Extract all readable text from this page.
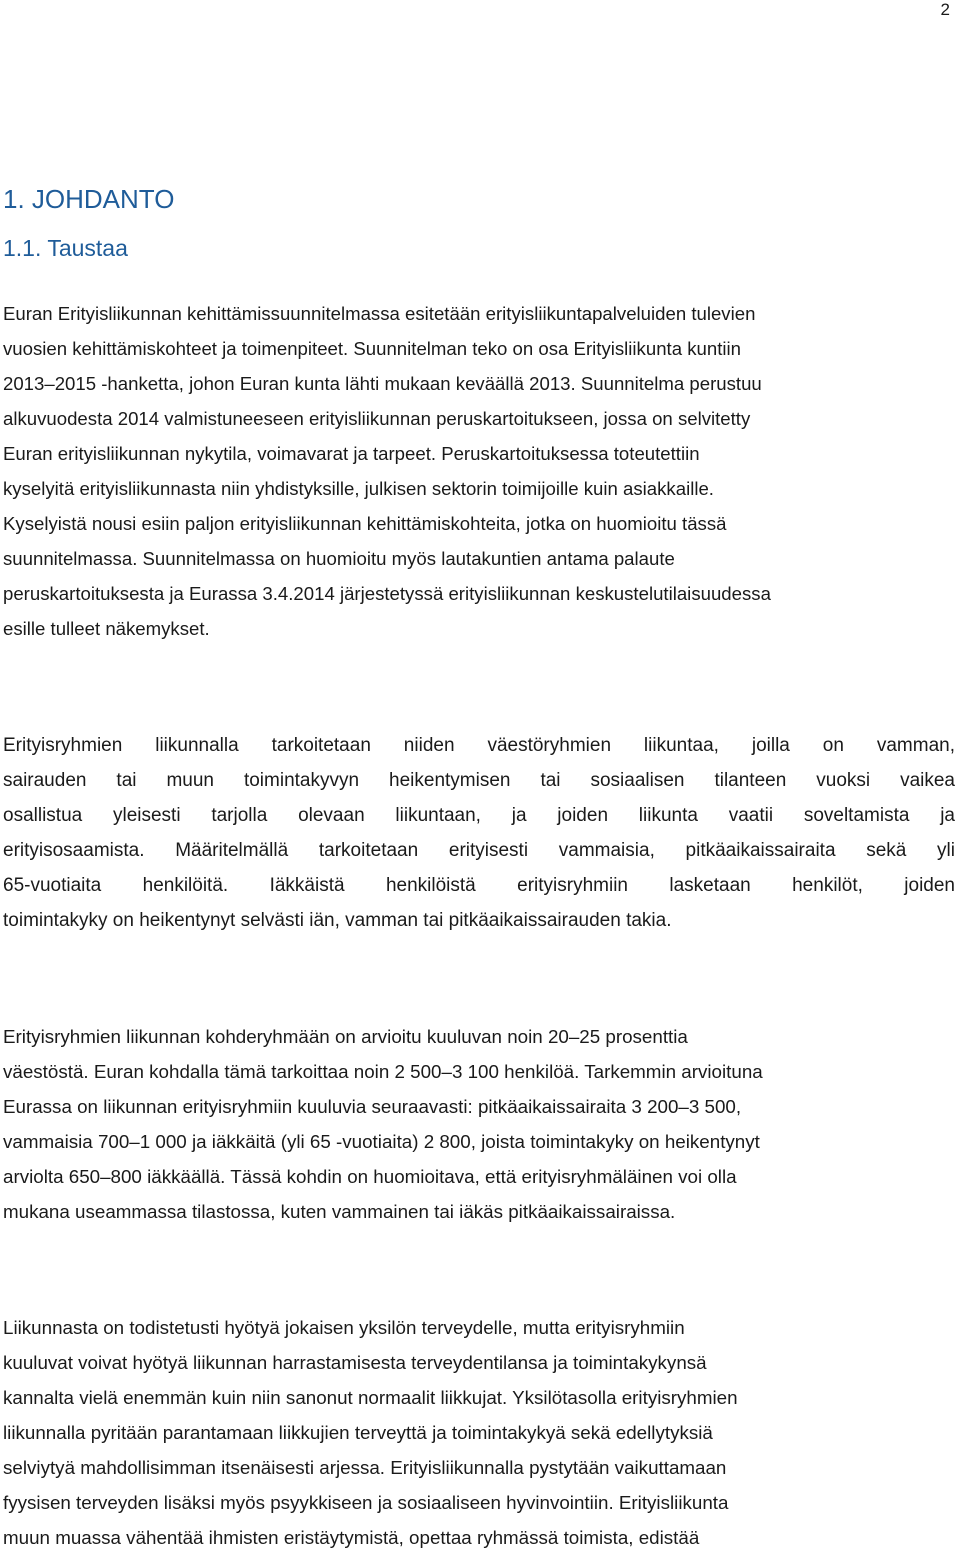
2
1. JOHDANTO
1.1. Taustaa
Euran Erityisliikunnan kehittämissuunnitelmassa esitetään erityisliikuntapalveluiden tulevien
vuosien kehittämiskohteet ja toimenpiteet. Suunnitelman teko on osa Erityisliikunta kuntiin
2013–2015 -hanketta, johon Euran kunta lähti mukaan keväällä 2013. Suunnitelma perustuu
alkuvuodesta 2014 valmistuneeseen erityisliikunnan peruskartoitukseen, jossa on selvitetty
Euran erityisliikunnan nykytila, voimavarat ja tarpeet. Peruskartoituksessa toteutettiin
kyselyitä erityisliikunnasta niin yhdistyksille, julkisen sektorin toimijoille kuin asiakkaille.
Kyselyistä nousi esiin paljon erityisliikunnan kehittämiskohteita, jotka on huomioitu tässä
suunnitelmassa. Suunnitelmassa on huomioitu myös lautakuntien antama palaute
peruskartoituksesta ja Eurassa 3.4.2014 järjestetyssä erityisliikunnan keskustelutilaisuudessa
esille tulleet näkemykset.
Erityisryhmien liikunnalla tarkoitetaan niiden väestöryhmien liikuntaa, joilla on vamman,
sairauden tai muun toimintakyvyn heikentymisen tai sosiaalisen tilanteen vuoksi vaikea
osallistua yleisesti tarjolla olevaan liikuntaan, ja joiden liikunta vaatii soveltamista ja
erityisosaamista. Määritelmällä tarkoitetaan erityisesti vammaisia, pitkäaikaissairaita sekä yli
65-vuotiaita henkilöitä. Iäkkäistä henkilöistä erityisryhmiin lasketaan henkilöt, joiden
toimintakyky on heikentynyt selvästi iän, vamman tai pitkäaikaissairauden takia.
Erityisryhmien liikunnan kohderyhmään on arvioitu kuuluvan noin 20–25 prosenttia
väestöstä. Euran kohdalla tämä tarkoittaa noin 2 500–3 100 henkilöä. Tarkemmin arvioituna
Eurassa on liikunnan erityisryhmiin kuuluvia seuraavasti: pitkäaikaissairaita 3 200–3 500,
vammaisia 700–1 000 ja iäkkäitä (yli 65 -vuotiaita) 2 800, joista toimintakyky on heikentynyt
arviolta 650–800 iäkkäällä. Tässä kohdin on huomioitava, että erityisryhmäläinen voi olla
mukana useammassa tilastossa, kuten vammainen tai iäkäs pitkäaikaissairaissa.
Liikunnasta on todistetusti hyötyä jokaisen yksilön terveydelle, mutta erityisryhmiin
kuuluvat voivat hyötyä liikunnan harrastamisesta terveydentilansa ja toimintakykynsä
kannalta vielä enemmän kuin niin sanonut normaalit liikkujat. Yksilötasolla erityisryhmien
liikunnalla pyritään parantamaan liikkujien terveyttä ja toimintakykyä sekä edellytyksiä
selviytyä mahdollisimman itsenäisesti arjessa. Erityisliikunnalla pystytään vaikuttamaan
fyysisen terveyden lisäksi myös psyykkiseen ja sosiaaliseen hyvinvointiin. Erityisliikunta
muun muassa vähentää ihmisten eristäytymistä, opettaa ryhmässä toimista, edistää
